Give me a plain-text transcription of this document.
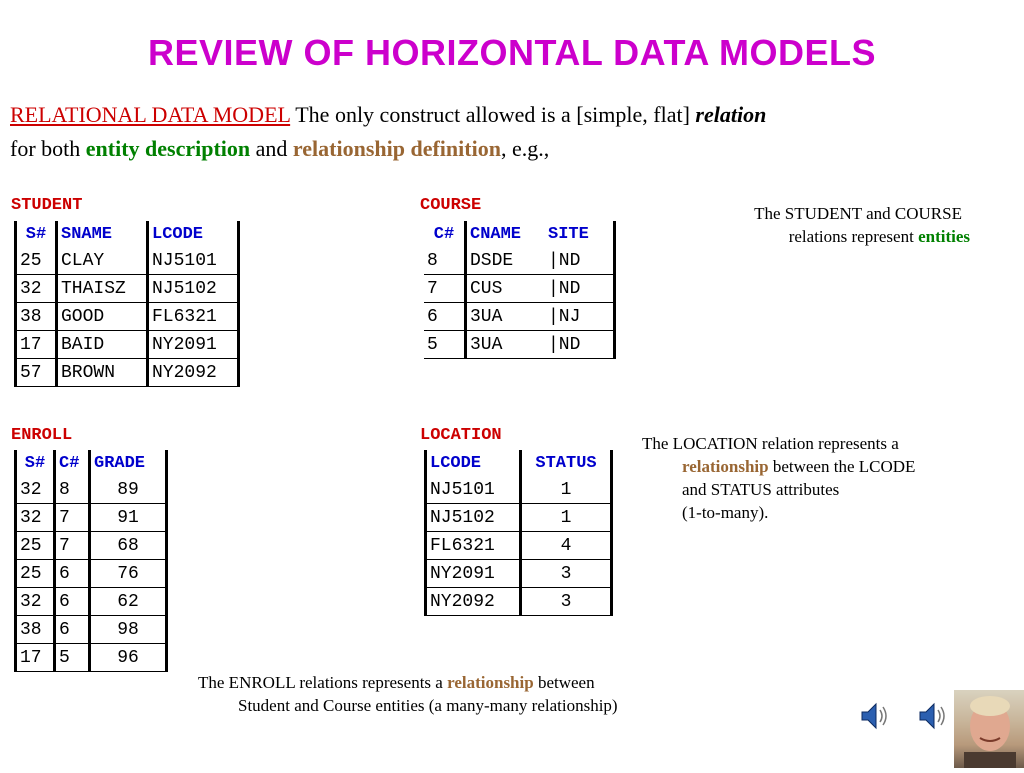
REVIEW OF HORIZONTAL DATA MODELS
RELATIONAL DATA MODEL The only construct allowed is a [simple, flat] relation
for both entity description and relationship definition, e.g.,
STUDENT
S#	SNAME	LCODE
25	CLAY	NJ5101
32	THAISZ	NJ5102
38	GOOD	FL6321
17	BAID	NY2091
57	BROWN	NY2092
COURSE
C#	CNAME	SITE
8	DSDE	|ND
7	CUS	|ND
6	3UA	|NJ
5	3UA	|ND
The STUDENT and COURSE
relations represent entities
ENROLL
S#	C#	GRADE
32	8	89
32	7	91
25	7	68
25	6	76
32	6	62
38	6	98
17	5	96
LOCATION
LCODE	STATUS
NJ5101	1
NJ5102	1
FL6321	4
NY2091	3
NY2092	3
The LOCATION relation represents a
relationship between the LCODE
and STATUS attributes
(1-to-many).
The ENROLL relations represents a relationship between
Student and Course entities (a many-many relationship)
